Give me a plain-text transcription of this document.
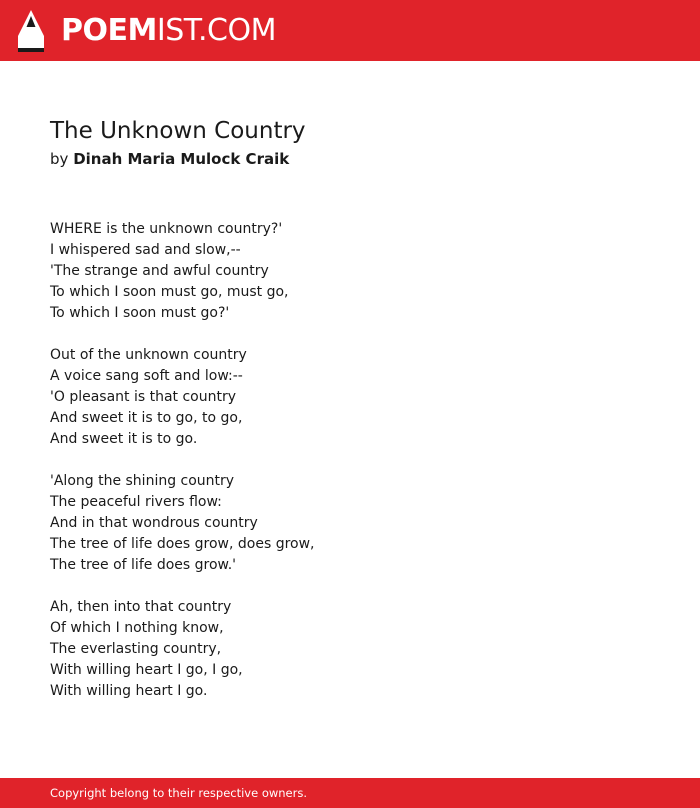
POEMIST.COM
The Unknown Country
by Dinah Maria Mulock Craik
WHERE is the unknown country?'
I whispered sad and slow,--
'The strange and awful country
To which I soon must go, must go,
To which I soon must go?'
Out of the unknown country
A voice sang soft and low:--
'O pleasant is that country
And sweet it is to go, to go,
And sweet it is to go.
'Along the shining country
The peaceful rivers flow:
And in that wondrous country
The tree of life does grow, does grow,
The tree of life does grow.'
Ah, then into that country
Of which I nothing know,
The everlasting country,
With willing heart I go, I go,
With willing heart I go.
Copyright belong to their respective owners.
